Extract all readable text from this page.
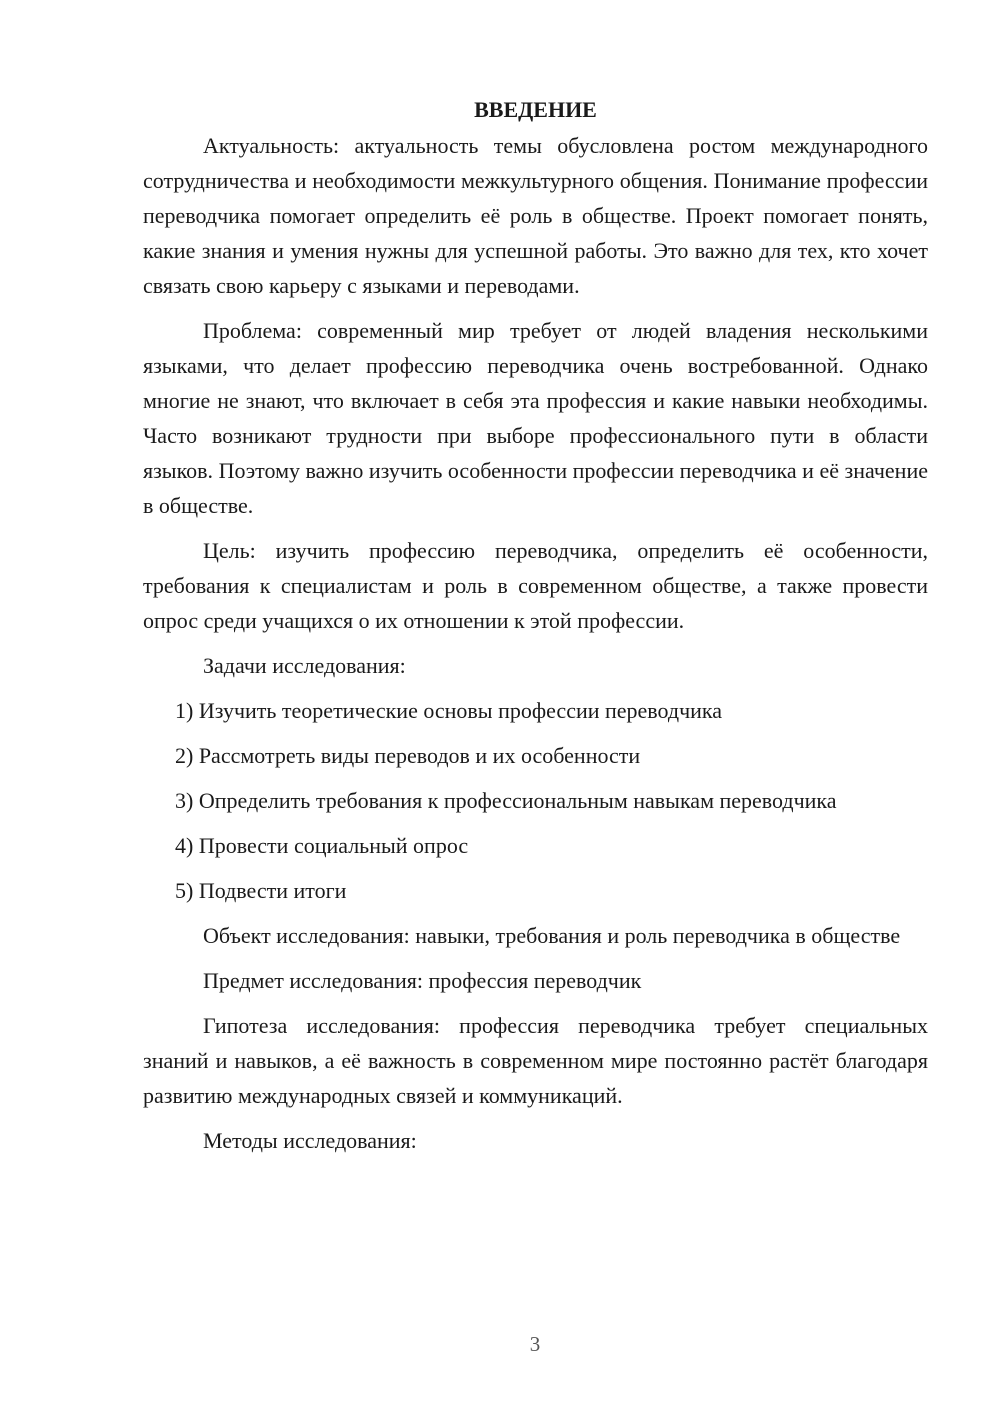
ВВЕДЕНИЕ

Актуальность: актуальность темы обусловлена ростом международного сотрудничества и необходимости межкультурного общения. Понимание профессии переводчика помогает определить её роль в обществе. Проект помогает понять, какие знания и умения нужны для успешной работы. Это важно для тех, кто хочет связать свою карьеру с языками и переводами.

Проблема: современный мир требует от людей владения несколькими языками, что делает профессию переводчика очень востребованной. Однако многие не знают, что включает в себя эта профессия и какие навыки необходимы. Часто возникают трудности при выборе профессионального пути в области языков. Поэтому важно изучить особенности профессии переводчика и её значение в обществе.

Цель: изучить профессию переводчика, определить её особенности, требования к специалистам и роль в современном обществе, а также провести опрос среди учащихся о их отношении к этой профессии.

Задачи исследования:

1) Изучить теоретические основы профессии переводчика

2) Рассмотреть виды переводов и их особенности

3) Определить требования к профессиональным навыкам переводчика

4) Провести социальный опрос

5) Подвести итоги

Объект исследования: навыки, требования и роль переводчика в обществе

Предмет исследования: профессия переводчик

Гипотеза исследования: профессия переводчика требует специальных знаний и навыков, а её важность в современном мире постоянно растёт благодаря развитию международных связей и коммуникаций.

Методы исследования:

3
